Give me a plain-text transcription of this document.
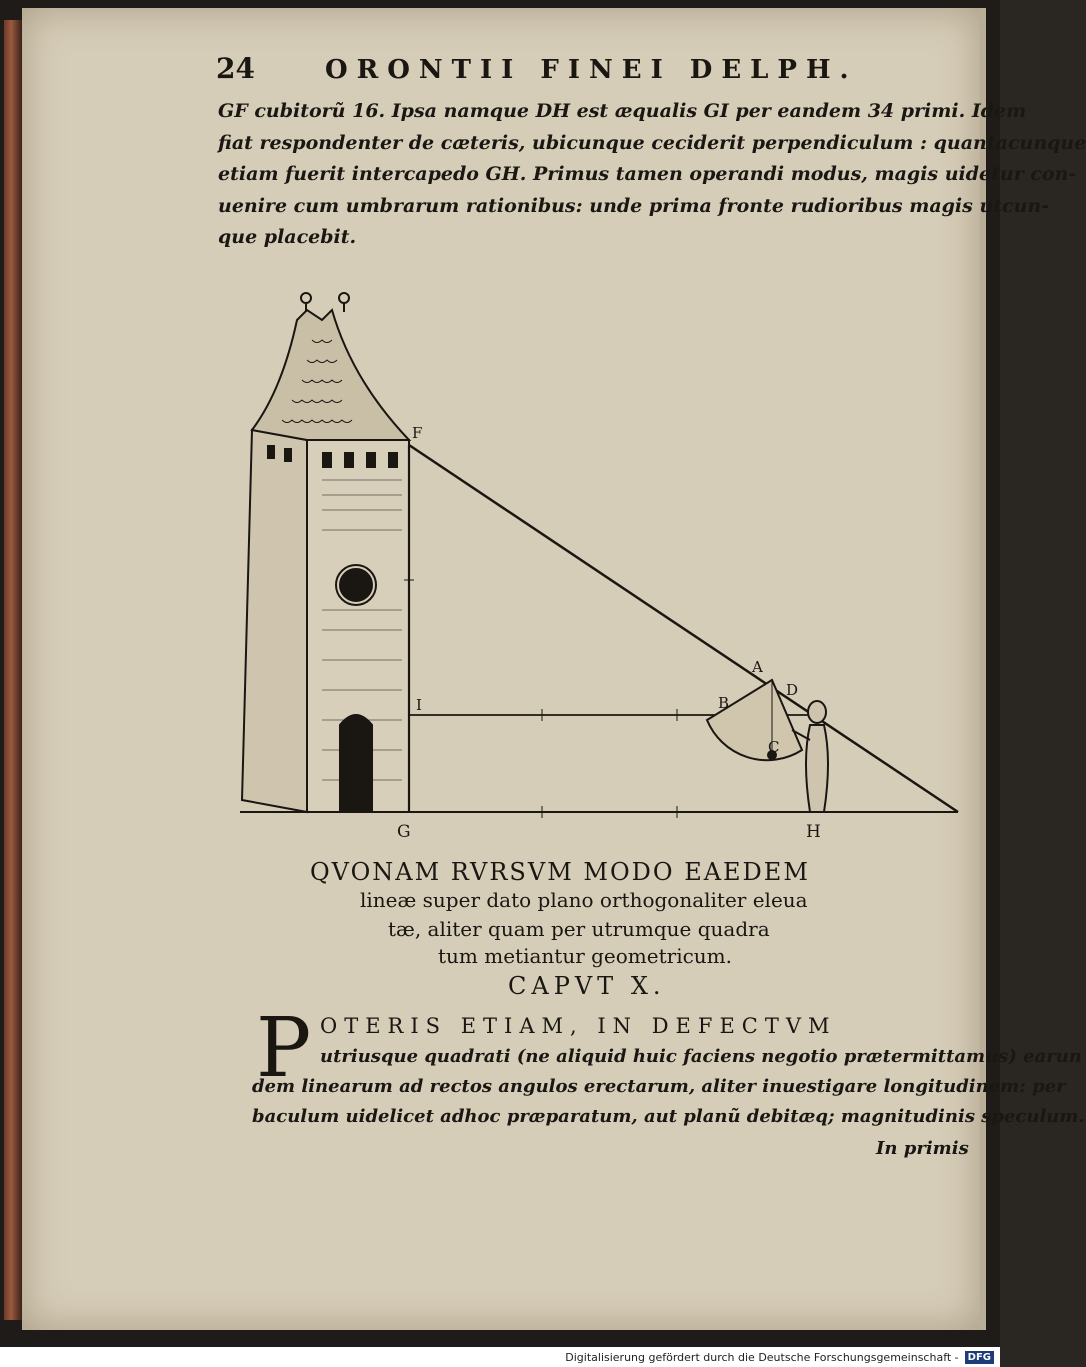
24	ORONTII FINEI DELPH.
GF cubitorũ 16. Ipsa namque DH est æqualis GI per eandem 34 primi. Idem
fiat respondenter de cæteris, ubicunque ceciderit perpendiculum : quantacunque
etiam fuerit intercapedo GH. Primus tamen operandi modus, magis uidetur con-
uenire cum umbrarum rationibus: unde prima fronte rudioribus magis utcun-
que placebit.
F
I
A
B
D
C
G	H
QVONAM RVRSVM MODO EAEDEM
lineæ super dato plano orthogonaliter eleua
tæ, aliter quam per utrumque quadra
tum metiantur geometricum.
CAPVT X.
P OTERIS ETIAM, IN DEFECTVM
utriusque quadrati (ne aliquid huic faciens negotio prætermittamus) earun
dem linearum ad rectos angulos erectarum, aliter inuestigare longitudinem: per
baculum uidelicet adhoc præparatum, aut planũ debitæq; magnitudinis speculum.
In primis
Digitalisierung gefördert durch die Deutsche Forschungsgemeinschaft - DFG
